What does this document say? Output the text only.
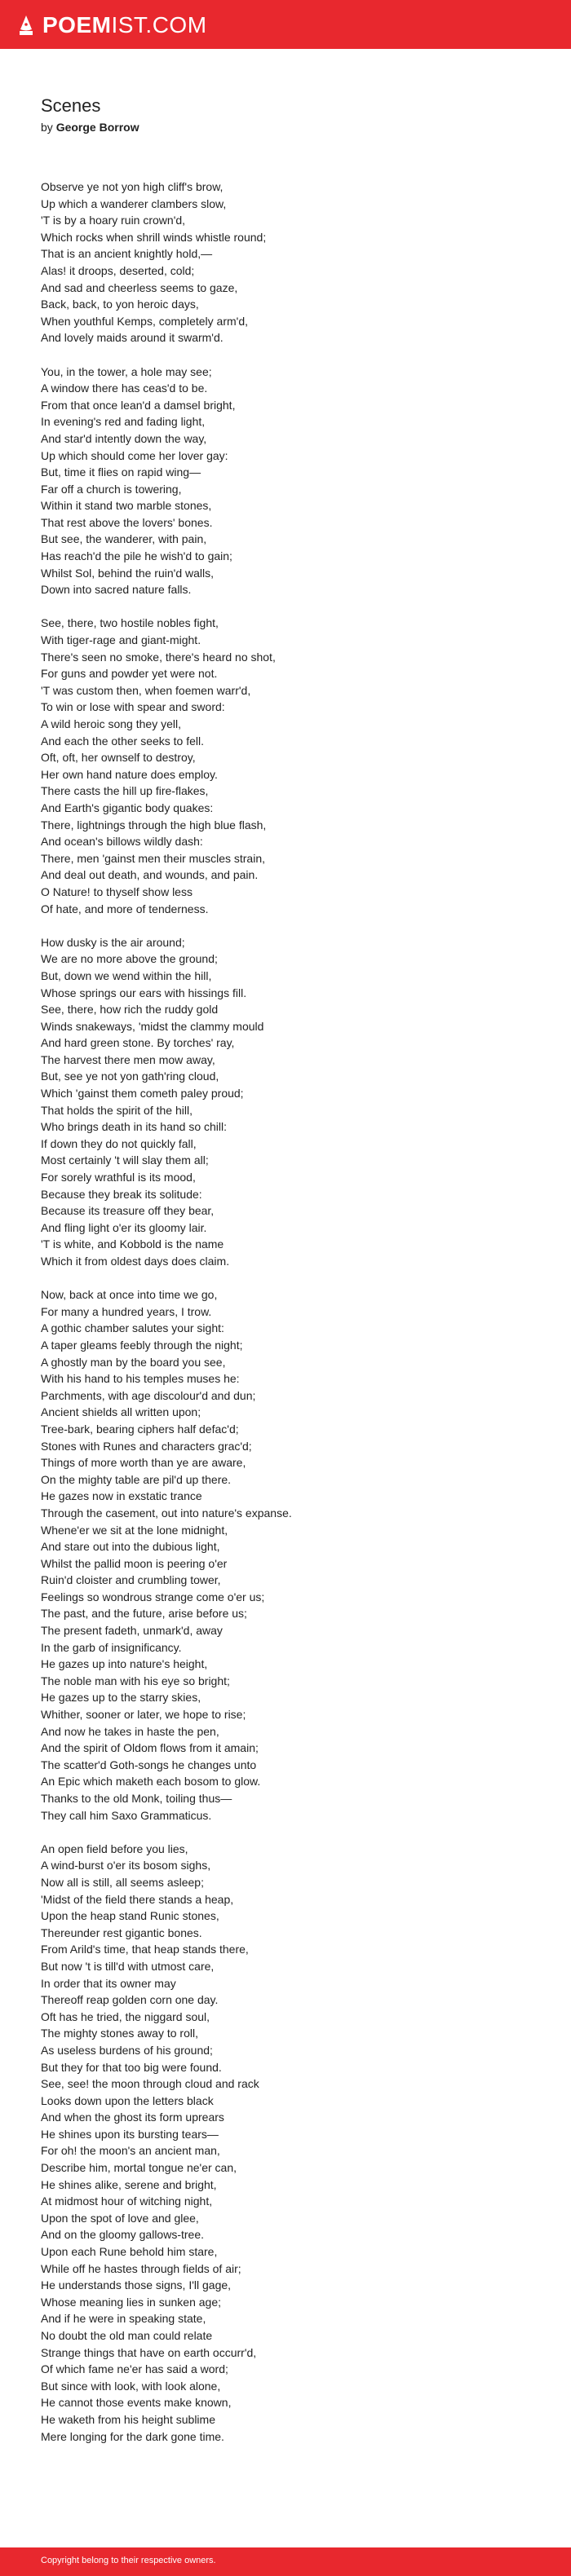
POEMIST.COM
Scenes
by George Borrow
Observe ye not yon high cliff's brow,
Up which a wanderer clambers slow,
'T is by a hoary ruin crown'd,
Which rocks when shrill winds whistle round;
That is an ancient knightly hold,—
Alas! it droops, deserted, cold;
And sad and cheerless seems to gaze,
Back, back, to yon heroic days,
When youthful Kemps, completely arm'd,
And lovely maids around it swarm'd.
You, in the tower, a hole may see;
A window there has ceas'd to be.
From that once lean'd a damsel bright,
In evening's red and fading light,
And star'd intently down the way,
Up which should come her lover gay:
But, time it flies on rapid wing—
Far off a church is towering,
Within it stand two marble stones,
That rest above the lovers' bones.
But see, the wanderer, with pain,
Has reach'd the pile he wish'd to gain;
Whilst Sol, behind the ruin'd walls,
Down into sacred nature falls.
See, there, two hostile nobles fight,
With tiger-rage and giant-might.
There's seen no smoke, there's heard no shot,
For guns and powder yet were not.
'T was custom then, when foemen warr'd,
To win or lose with spear and sword:
A wild heroic song they yell,
And each the other seeks to fell.
Oft, oft, her ownself to destroy,
Her own hand nature does employ.
There casts the hill up fire-flakes,
And Earth's gigantic body quakes:
There, lightnings through the high blue flash,
And ocean's billows wildly dash:
There, men 'gainst men their muscles strain,
And deal out death, and wounds, and pain.
O Nature! to thyself show less
Of hate, and more of tenderness.
How dusky is the air around;
We are no more above the ground;
But, down we wend within the hill,
Whose springs our ears with hissings fill.
See, there, how rich the ruddy gold
Winds snakeways, 'midst the clammy mould
And hard green stone. By torches' ray,
The harvest there men mow away,
But, see ye not yon gath'ring cloud,
Which 'gainst them cometh paley proud;
That holds the spirit of the hill,
Who brings death in its hand so chill:
If down they do not quickly fall,
Most certainly 't will slay them all;
For sorely wrathful is its mood,
Because they break its solitude:
Because its treasure off they bear,
And fling light o'er its gloomy lair.
'T is white, and Kobbold is the name
Which it from oldest days does claim.
Now, back at once into time we go,
For many a hundred years, I trow.
A gothic chamber salutes your sight:
A taper gleams feebly through the night;
A ghostly man by the board you see,
With his hand to his temples muses he:
Parchments, with age discolour'd and dun;
Ancient shields all written upon;
Tree-bark, bearing ciphers half defac'd;
Stones with Runes and characters grac'd;
Things of more worth than ye are aware,
On the mighty table are pil'd up there.
He gazes now in exstatic trance
Through the casement, out into nature's expanse.
Whene'er we sit at the lone midnight,
And stare out into the dubious light,
Whilst the pallid moon is peering o'er
Ruin'd cloister and crumbling tower,
Feelings so wondrous strange come o'er us;
The past, and the future, arise before us;
The present fadeth, unmark'd, away
In the garb of insignificancy.
He gazes up into nature's height,
The noble man with his eye so bright;
He gazes up to the starry skies,
Whither, sooner or later, we hope to rise;
And now he takes in haste the pen,
And the spirit of Oldom flows from it amain;
The scatter'd Goth-songs he changes unto
An Epic which maketh each bosom to glow.
Thanks to the old Monk, toiling thus—
They call him Saxo Grammaticus.
An open field before you lies,
A wind-burst o'er its bosom sighs,
Now all is still, all seems asleep;
'Midst of the field there stands a heap,
Upon the heap stand Runic stones,
Thereunder rest gigantic bones.
From Arild's time, that heap stands there,
But now 't is till'd with utmost care,
In order that its owner may
Thereoff reap golden corn one day.
Oft has he tried, the niggard soul,
The mighty stones away to roll,
As useless burdens of his ground;
But they for that too big were found.
See, see! the moon through cloud and rack
Looks down upon the letters black
And when the ghost its form uprears
He shines upon its bursting tears—
For oh! the moon's an ancient man,
Describe him, mortal tongue ne'er can,
He shines alike, serene and bright,
At midmost hour of witching night,
Upon the spot of love and glee,
And on the gloomy gallows-tree.
Upon each Rune behold him stare,
While off he hastes through fields of air;
He understands those signs, I'll gage,
Whose meaning lies in sunken age;
And if he were in speaking state,
No doubt the old man could relate
Strange things that have on earth occurr'd,
Of which fame ne'er has said a word;
But since with look, with look alone,
He cannot those events make known,
He waketh from his height sublime
Mere longing for the dark gone time.
Copyright belong to their respective owners.
